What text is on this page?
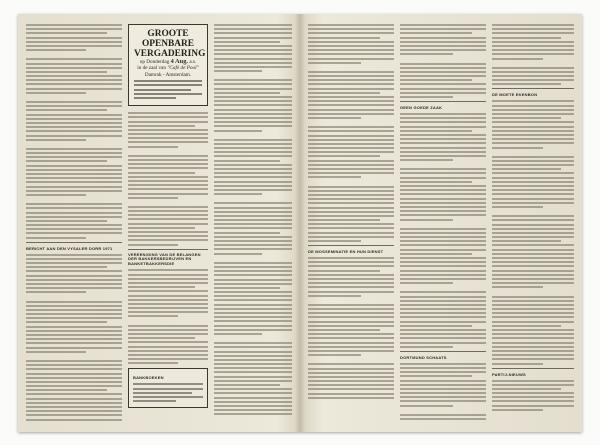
BERICHT AAN DEN VYSALER DORR 1971
GROOTE OPENBARE
VERGADERING
op Donderdag 4 Aug. a.s.
in de zaal van "Café de Pool"
Damrak - Amsterdam.
VEREENIGING VAN DE BELANGEN DER BAKKERSBEDRIJVEN EN BANKETBAKKERSDIE
BANKBOEKEN
DE MOSSEMINATIE EN HUN DIENST
GEEN GOEDE ZAAK
DORTMUND SCHAATS
DE MOETE EKENBON
PARTIJ-NIEUWS
